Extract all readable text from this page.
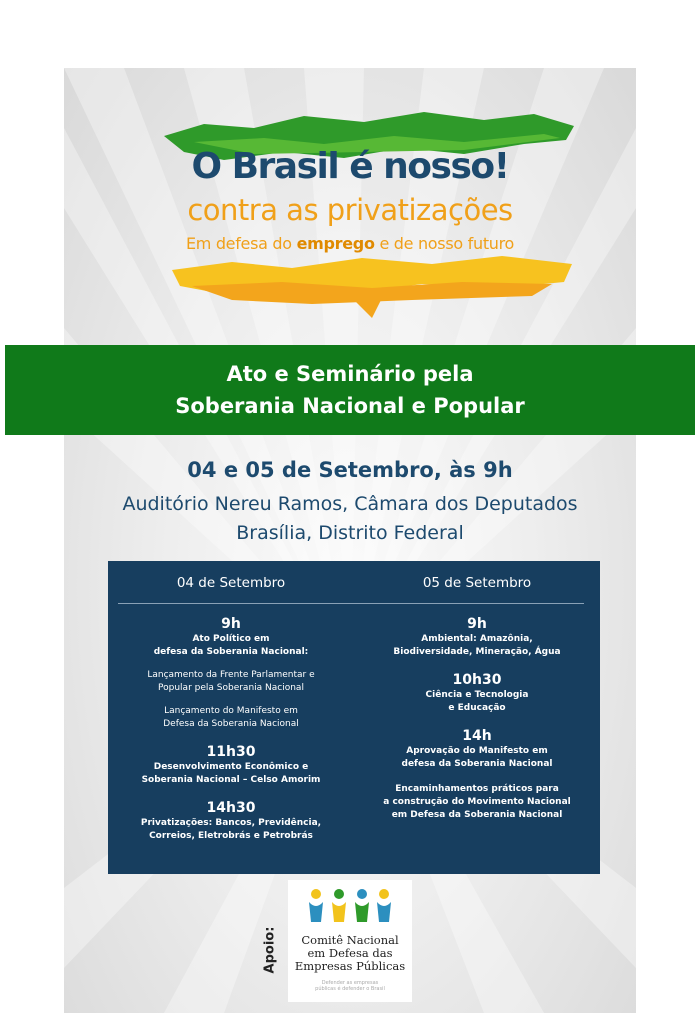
O Brasil é nosso!
contra as privatizações
Em defesa do emprego e de nosso futuro
Ato e Seminário pela
Soberania Nacional e Popular
04 e 05 de Setembro, às 9h
Auditório Nereu Ramos, Câmara dos Deputados
Brasília, Distrito Federal
04 de Setembro	05 de Setembro
9h
Ato Político em
defesa da Soberania Nacional:
Lançamento da Frente Parlamentar e
Popular pela Soberania Nacional
Lançamento do Manifesto em
Defesa da Soberania Nacional
11h30
Desenvolvimento Econômico e
Soberania Nacional – Celso Amorim
14h30
Privatizações: Bancos, Previdência,
Correios, Eletrobrás e Petrobrás
9h
Ambiental: Amazônia,
Biodiversidade, Mineração, Água
10h30
Ciência e Tecnologia
e Educação
14h
Aprovação do Manifesto em
defesa da Soberania Nacional
Encaminhamentos práticos para
a construção do Movimento Nacional
em Defesa da Soberania Nacional
Apoio:	Comitê Nacional
em Defesa das
Empresas Públicas
Defender as empresas
públicas é defender o Brasil
